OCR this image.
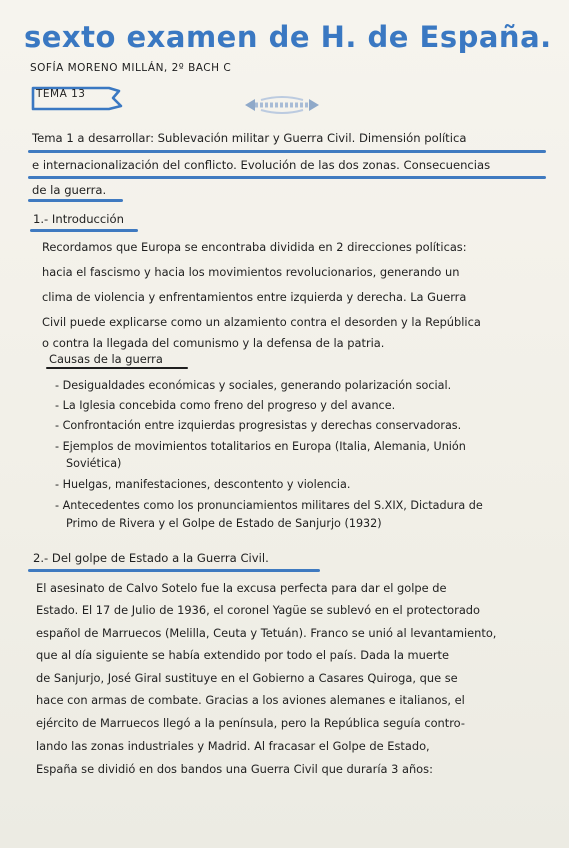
sexto examen de H. de España.
SOFÍA MORENO MILLÁN, 2º BACH C
TEMA 13
Tema 1 a desarrollar: Sublevación militar y Guerra Civil. Dimensión política
e internacionalización del conflicto. Evolución de las dos zonas. Consecuencias
de la guerra.
1.- Introducción
Recordamos que Europa se encontraba dividida en 2 direcciones políticas:
hacia el fascismo y hacia los movimientos revolucionarios, generando un
clima de violencia y enfrentamientos entre izquierda y derecha. La Guerra
Civil puede explicarse como un alzamiento contra el desorden y la República
o contra la llegada del comunismo y la defensa de la patria.
Causas de la guerra
- Desigualdades económicas y sociales, generando polarización social.
- La Iglesia concebida como freno del progreso y del avance.
- Confrontación entre izquierdas progresistas y derechas conservadoras.
- Ejemplos de movimientos totalitarios en Europa (Italia, Alemania, Unión
Soviética)
- Huelgas, manifestaciones, descontento y violencia.
- Antecedentes como los pronunciamientos militares del S.XIX, Dictadura de
Primo de Rivera y el Golpe de Estado de Sanjurjo (1932)
2.- Del golpe de Estado a la Guerra Civil.
El asesinato de Calvo Sotelo fue la excusa perfecta para dar el golpe de
Estado. El 17 de Julio de 1936, el coronel Yagüe se sublevó en el protectorado
español de Marruecos (Melilla, Ceuta y Tetuán). Franco se unió al levantamiento,
que al día siguiente se había extendido por todo el país. Dada la muerte
de Sanjurjo, José Giral sustituye en el Gobierno a Casares Quiroga, que se
hace con armas de combate. Gracias a los aviones alemanes e italianos, el
ejército de Marruecos llegó a la península, pero la República seguía contro-
lando las zonas industriales y Madrid. Al fracasar el Golpe de Estado,
España se dividió en dos bandos una Guerra Civil que duraría 3 años:
